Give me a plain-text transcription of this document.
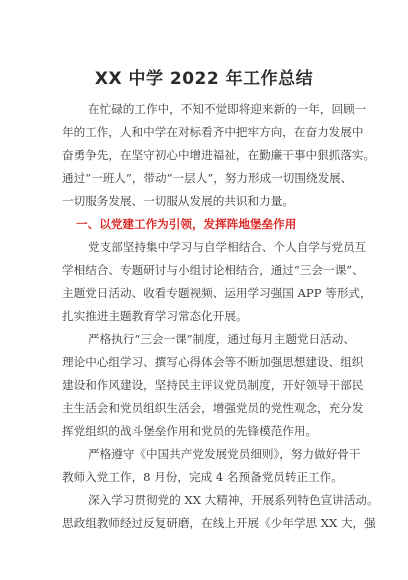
XX 中学 2022 年工作总结
在忙碌的工作中，不知不觉即将迎来新的一年，回顾一
年的工作，人和中学在对标看齐中把牢方向，在奋力发展中
奋勇争先，在坚守初心中增进福祉，在勤廉干事中狠抓落实。
通过“一班人”，带动“一层人”，努力形成一切围绕发展、
一切服务发展、一切服从发展的共识和力量。
一、以党建工作为引领，发挥阵地堡垒作用
党支部坚持集中学习与自学相结合、个人自学与党员互
学相结合、专题研讨与小组讨论相结合，通过“三会一课”、
主题党日活动、收看专题视频、运用学习强国 APP 等形式，
扎实推进主题教育学习常态化开展。
严格执行“三会一课”制度，通过每月主题党日活动、
理论中心组学习、撰写心得体会等不断加强思想建设、组织
建设和作风建设，坚持民主评议党员制度，开好领导干部民
主生活会和党员组织生活会，增强党员的党性观念，充分发
挥党组织的战斗堡垒作用和党员的先锋模范作用。
严格遵守《中国共产党发展党员细则》，努力做好骨干
教师入党工作，8 月份，完成 4 名预备党员转正工作。
深入学习贯彻党的 XX 大精神，开展系列特色宣讲活动。
思政组教师经过反复研磨，在线上开展《少年学思 XX 大，强
